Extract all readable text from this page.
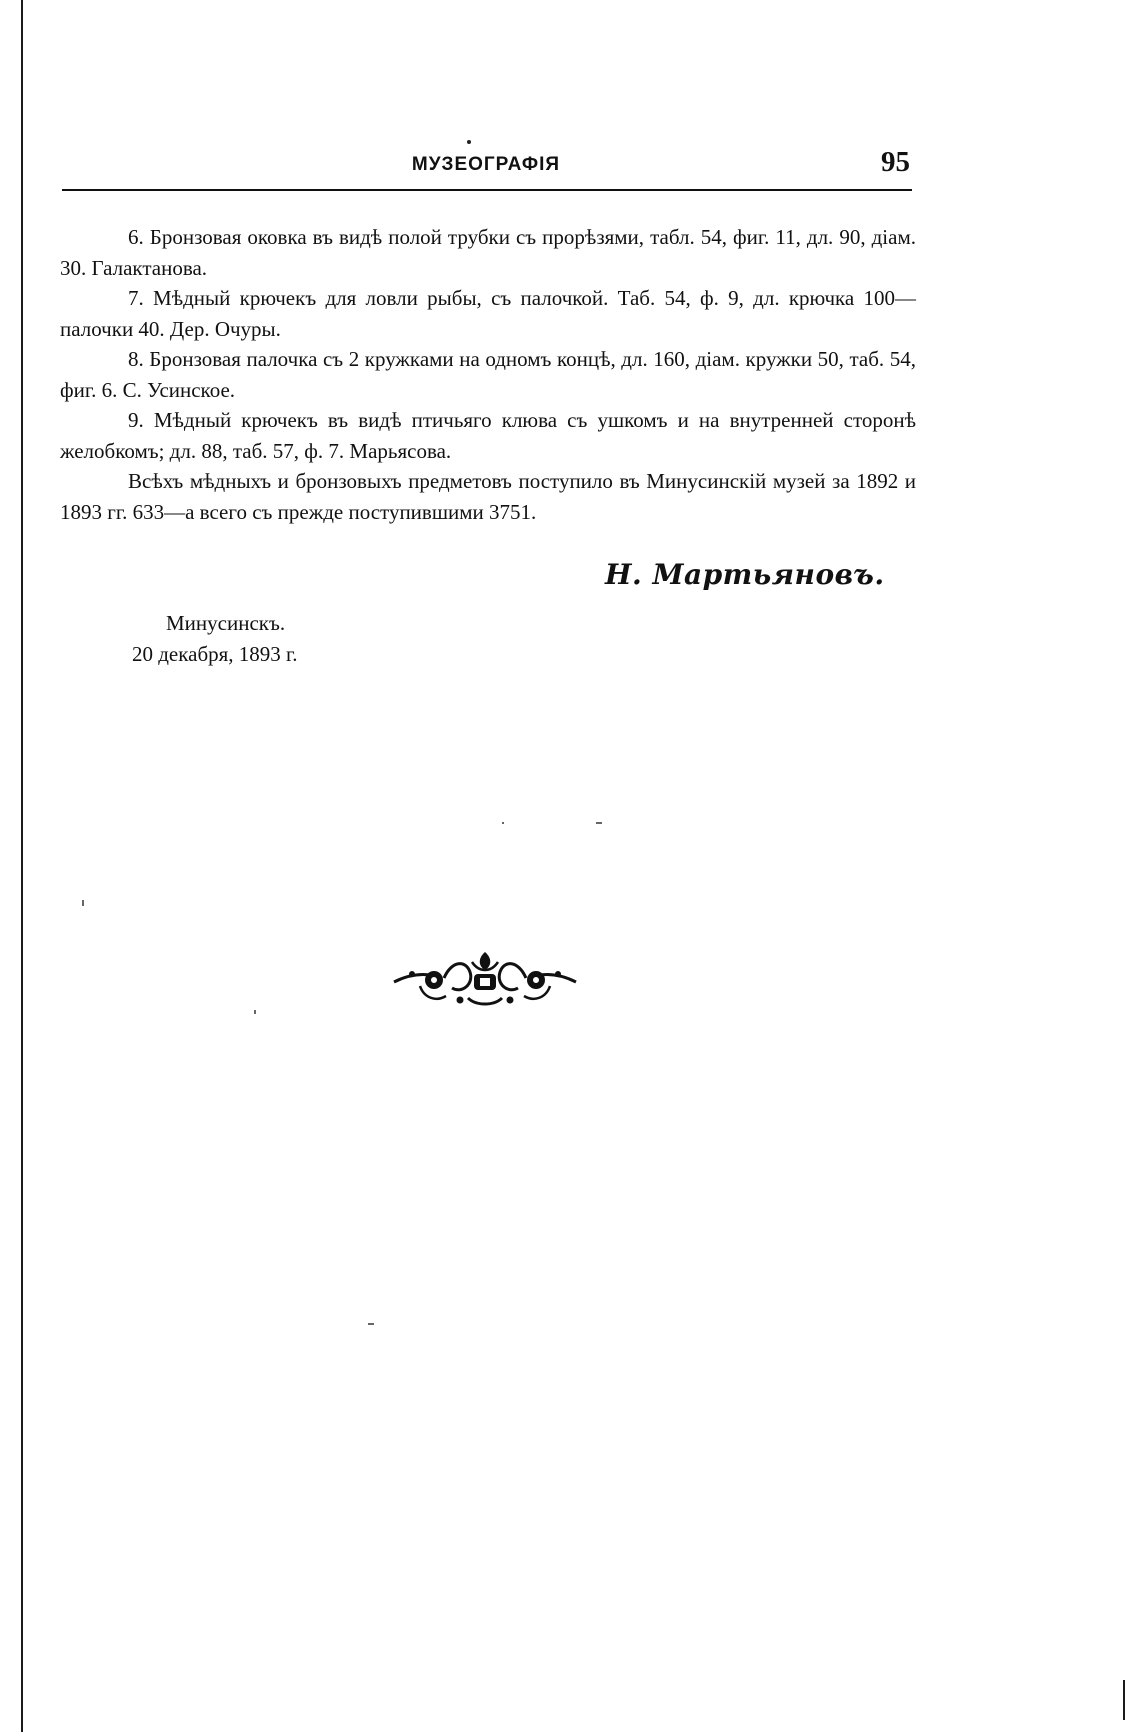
МУЗЕОГРАФІЯ	95

6. Бронзовая оковка въ видѣ полой трубки съ прорѣзями, табл. 54, фиг. 11, дл. 90, діам. 30. Галактанова.

7. Мѣдный крючекъ для ловли рыбы, съ палочкой. Таб. 54, ф. 9, дл. крючка 100—палочки 40. Дер. Очуры.

8. Бронзовая палочка съ 2 кружками на одномъ концѣ, дл. 160, діам. кружки 50, таб. 54, фиг. 6. С. Усинское.

9. Мѣдный крючекъ въ видѣ птичьяго клюва съ ушкомъ и на внутренней сторонѣ желобкомъ; дл. 88, таб. 57, ф. 7. Марьясова.

Всѣхъ мѣдныхъ и бронзовыхъ предметовъ поступило въ Минусинскій музей за 1892 и 1893 гг. 633—а всего съ прежде поступившими 3751.

Н. Мартьяновъ.
Минусинскъ.
20 декабря, 1893 г.
